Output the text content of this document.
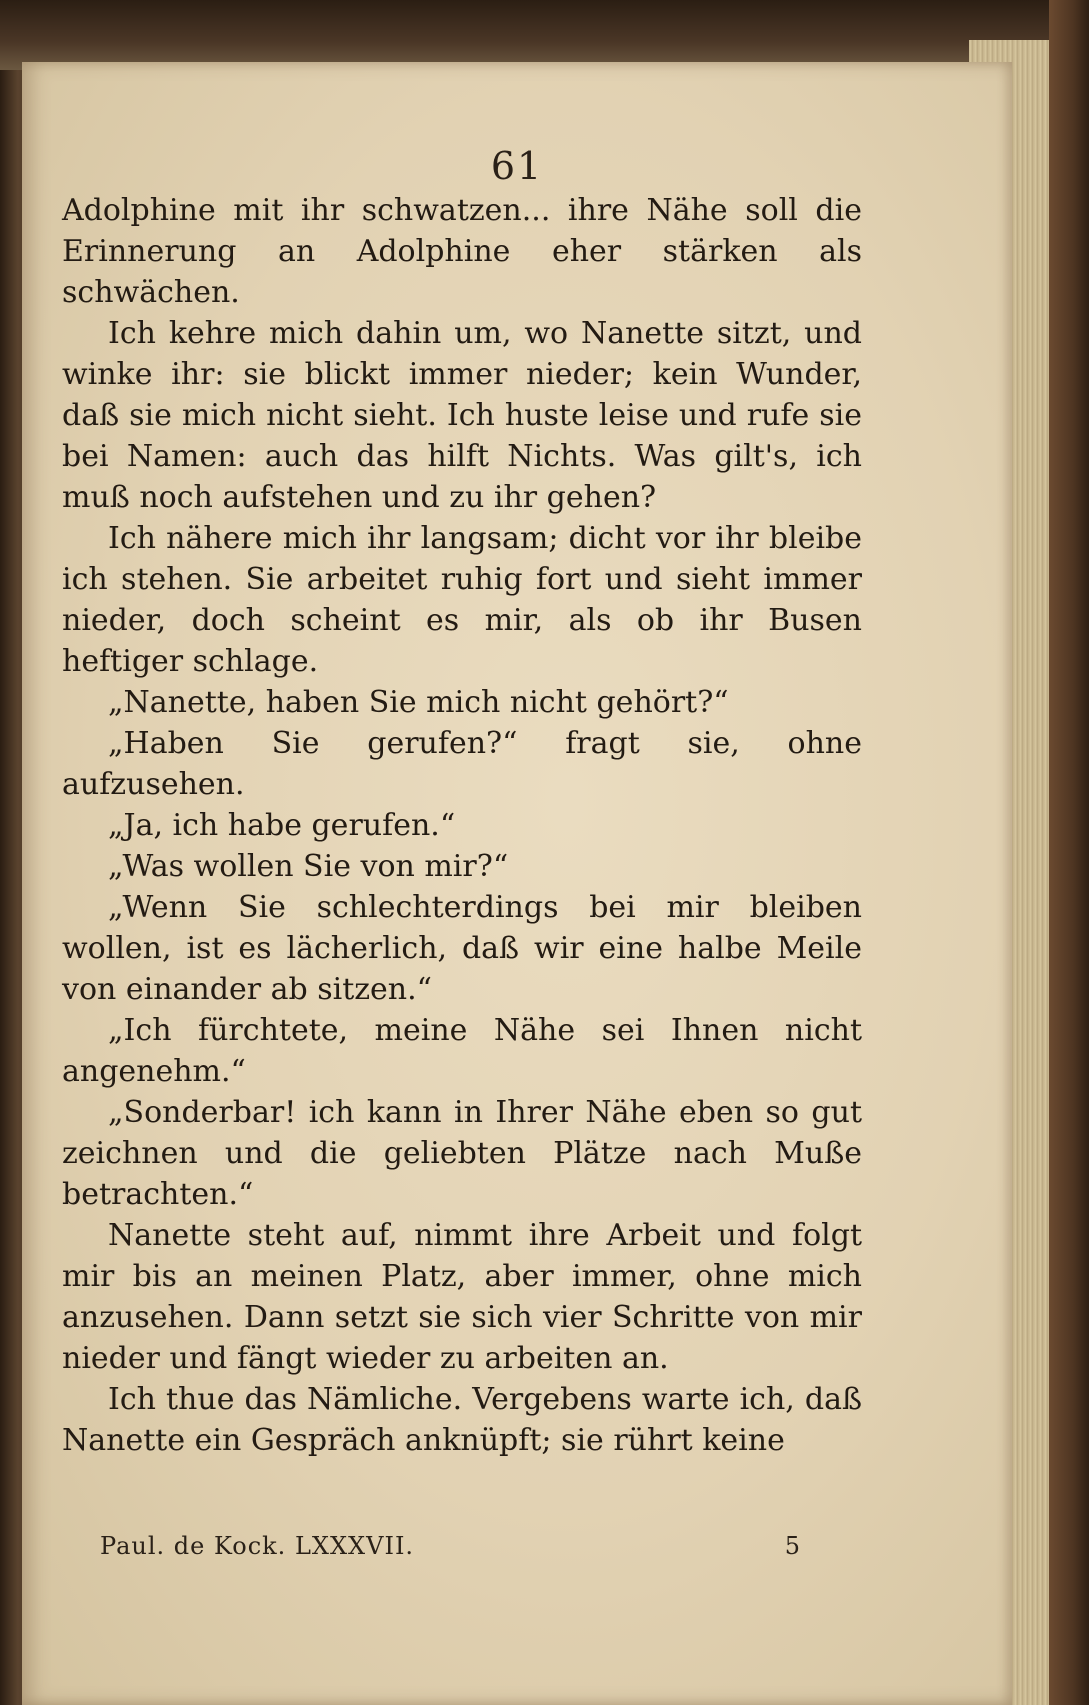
61

Adolphine mit ihr schwatzen... ihre Nähe soll die Erinnerung an Adolphine eher stärken als schwächen.

Ich kehre mich dahin um, wo Nanette sitzt, und winke ihr: sie blickt immer nieder; kein Wunder, daß sie mich nicht sieht. Ich huste leise und rufe sie bei Namen: auch das hilft Nichts. Was gilt's, ich muß noch aufstehen und zu ihr gehen?

Ich nähere mich ihr langsam; dicht vor ihr bleibe ich stehen. Sie arbeitet ruhig fort und sieht immer nieder, doch scheint es mir, als ob ihr Busen heftiger schlage.

„Nanette, haben Sie mich nicht gehört?“

„Haben Sie gerufen?“ fragt sie, ohne aufzusehen.

„Ja, ich habe gerufen.“

„Was wollen Sie von mir?“

„Wenn Sie schlechterdings bei mir bleiben wollen, ist es lächerlich, daß wir eine halbe Meile von einander ab sitzen.“

„Ich fürchtete, meine Nähe sei Ihnen nicht angenehm.“

„Sonderbar! ich kann in Ihrer Nähe eben so gut zeichnen und die geliebten Plätze nach Muße betrachten.“

Nanette steht auf, nimmt ihre Arbeit und folgt mir bis an meinen Platz, aber immer, ohne mich anzusehen. Dann setzt sie sich vier Schritte von mir nieder und fängt wieder zu arbeiten an.

Ich thue das Nämliche. Vergebens warte ich, daß Nanette ein Gespräch anknüpft; sie rührt keine

Paul. de Kock. LXXXVII.	5
